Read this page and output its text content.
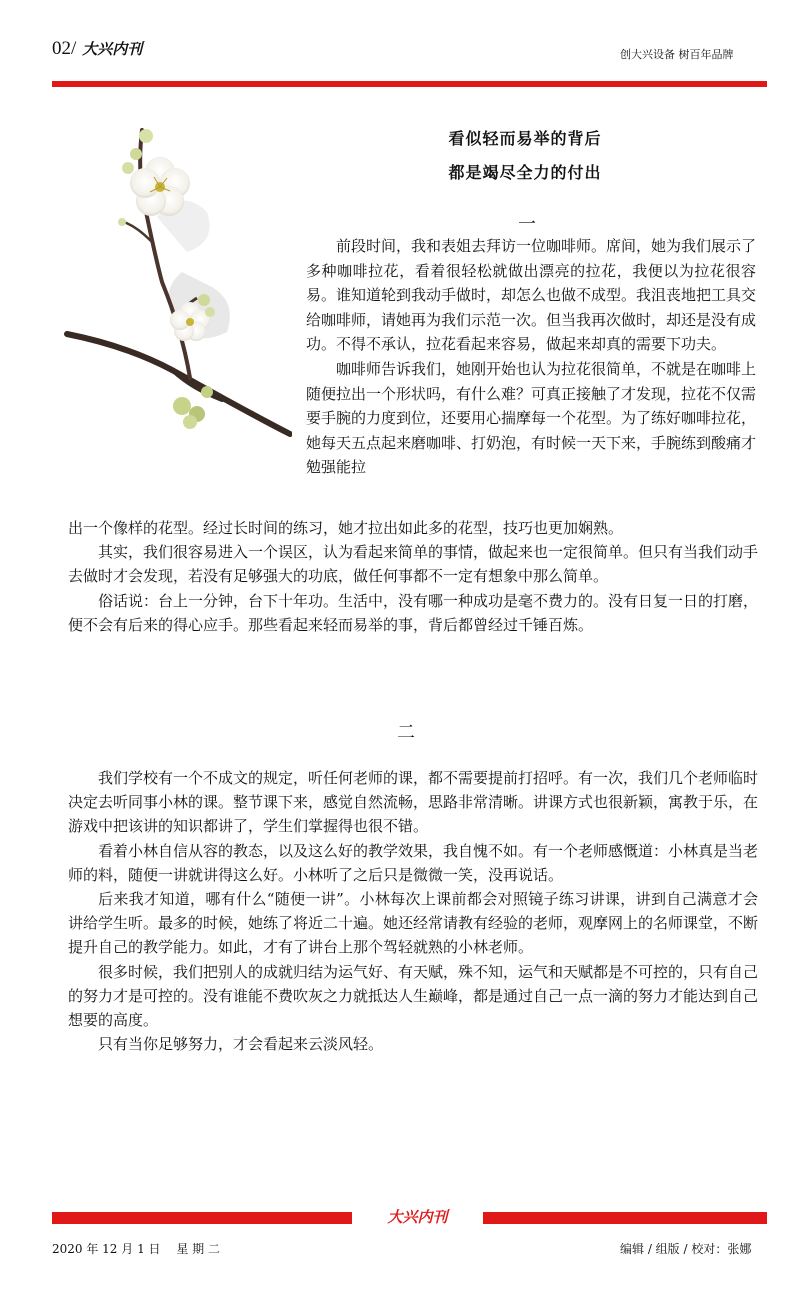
02/ 大兴内刊	创大兴设备 树百年品牌
看似轻而易举的背后
都是竭尽全力的付出
一

前段时间，我和表姐去拜访一位咖啡师。席间，她为我们展示了多种咖啡拉花，看着很轻松就做出漂亮的拉花，我便以为拉花很容易。谁知道轮到我动手做时，却怎么也做不成型。我沮丧地把工具交给咖啡师，请她再为我们示范一次。但当我再次做时，却还是没有成功。不得不承认，拉花看起来容易，做起来却真的需要下功夫。

咖啡师告诉我们，她刚开始也认为拉花很简单，不就是在咖啡上随便拉出一个形状吗，有什么难？可真正接触了才发现，拉花不仅需要手腕的力度到位，还要用心揣摩每一个花型。为了练好咖啡拉花，她每天五点起来磨咖啡、打奶泡，有时候一天下来，手腕练到酸痛才勉强能拉

出一个像样的花型。经过长时间的练习，她才拉出如此多的花型，技巧也更加娴熟。

其实，我们很容易进入一个误区，认为看起来简单的事情，做起来也一定很简单。但只有当我们动手去做时才会发现，若没有足够强大的功底，做任何事都不一定有想象中那么简单。

俗话说：台上一分钟，台下十年功。生活中，没有哪一种成功是毫不费力的。没有日复一日的打磨，便不会有后来的得心应手。那些看起来轻而易举的事，背后都曾经过千锤百炼。

二

我们学校有一个不成文的规定，听任何老师的课，都不需要提前打招呼。有一次，我们几个老师临时决定去听同事小林的课。整节课下来，感觉自然流畅，思路非常清晰。讲课方式也很新颖，寓教于乐，在游戏中把该讲的知识都讲了，学生们掌握得也很不错。

看着小林自信从容的教态，以及这么好的教学效果，我自愧不如。有一个老师感慨道：小林真是当老师的料，随便一讲就讲得这么好。小林听了之后只是微微一笑，没再说话。

后来我才知道，哪有什么“随便一讲”。小林每次上课前都会对照镜子练习讲课，讲到自己满意才会讲给学生听。最多的时候，她练了将近二十遍。她还经常请教有经验的老师，观摩网上的名师课堂，不断提升自己的教学能力。如此，才有了讲台上那个驾轻就熟的小林老师。

很多时候，我们把别人的成就归结为运气好、有天赋，殊不知，运气和天赋都是不可控的，只有自己的努力才是可控的。没有谁能不费吹灰之力就抵达人生巅峰，都是通过自己一点一滴的努力才能达到自己想要的高度。

只有当你足够努力，才会看起来云淡风轻。

大兴内刊
2020 年 12 月 1 日　 星 期 二	编辑 / 组版 / 校对：张娜
